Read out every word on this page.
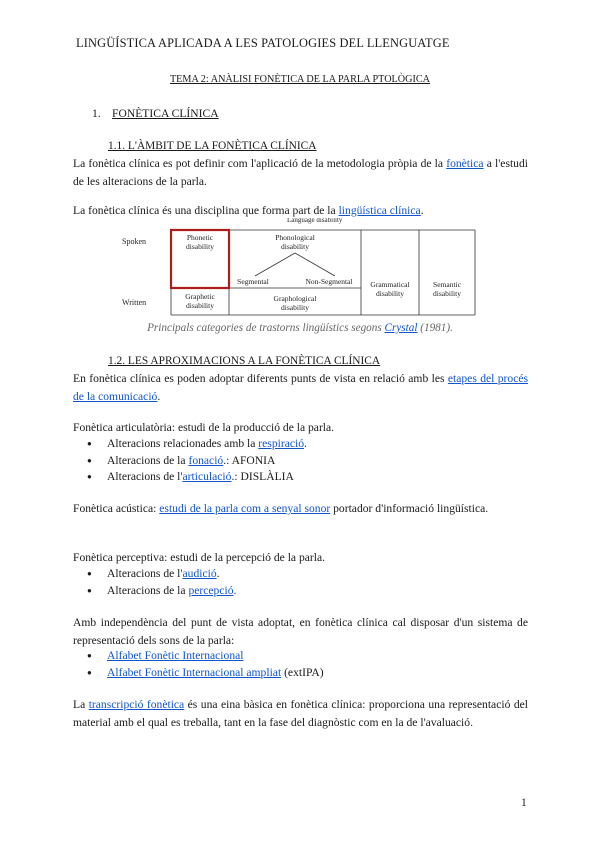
LINGÜÍSTICA APLICADA A LES PATOLOGIES DEL LLENGUATGE
TEMA 2: ANÀLISI FONÈTICA DE LA PARLA PTOLÒGICA
1. FONÈTICA CLÍNICA
1.1. L'ÀMBIT DE LA FONÈTICA CLÍNICA
La fonètica clínica es pot definir com l'aplicació de la metodologia pròpia de la fonètica a l'estudi de les alteracions de la parla.
La fonètica clínica és una disciplina que forma part de la lingüística clínica.
Language disability
Spoken
Written
Phonetic
disability
Phonological
disability
Segmental	Non-Segmental Grammatical
disability
Semantic
disability
Graphetic
disability
Graphological
disability
Principals categories de trastorns lingüístics segons Crystal (1981).
1.2. LES APROXIMACIONS A LA FONÈTICA CLÍNICA
En fonètica clínica es poden adoptar diferents punts de vista en relació amb les etapes del procés de la comunicació.
Fonètica articulatòria: estudi de la producció de la parla.
● Alteracions relacionades amb la respiració.
● Alteracions de la fonació.: AFONIA
● Alteracions de l'articulació.: DISLÀLIA
Fonètica acústica: estudi de la parla com a senyal sonor portador d'informació lingüística.
Fonètica perceptiva: estudi de la percepció de la parla.
● Alteracions de l'audició.
● Alteracions de la percepció.
Amb independència del punt de vista adoptat, en fonètica clínica cal disposar d'un sistema de representació dels sons de la parla:
● Alfabet Fonètic Internacional
● Alfabet Fonètic Internacional ampliat (extIPA)
La transcripció fonètica és una eina bàsica en fonètica clínica: proporciona una representació del material amb el qual es treballa, tant en la fase del diagnòstic com en la de l'avaluació.
1
